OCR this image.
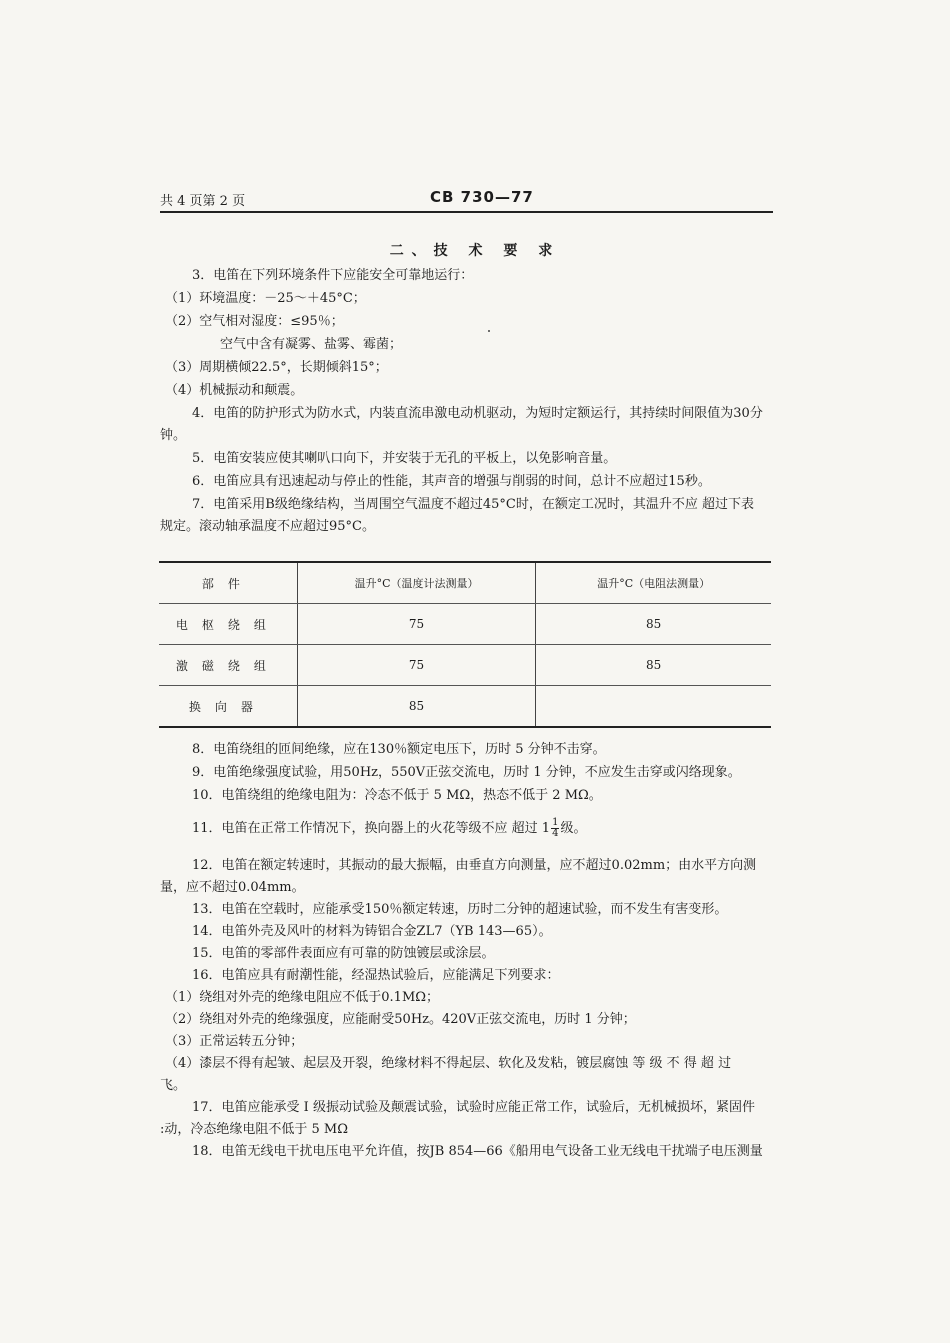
共 4 页第 2 页	CB 730—77
二、技 术 要 求
3．电笛在下列环境条件下应能安全可靠地运行：
（1）环境温度：－25～＋45°C；
（2）空气相对湿度：≤95％；
空气中含有凝雾、盐雾、霉菌；
（3）周期横倾22.5°，长期倾斜15°；
（4）机械振动和颠震。
4．电笛的防护形式为防水式，内装直流串激电动机驱动，为短时定额运行，其持续时间限值为30分
钟。
5．电笛安装应使其喇叭口向下，并安装于无孔的平板上，以免影响音量。
6．电笛应具有迅速起动与停止的性能，其声音的增强与削弱的时间，总计不应超过15秒。
7．电笛采用B级绝缘结构，当周围空气温度不超过45°C时，在额定工况时，其温升不应 超过下表
规定。滚动轴承温度不应超过95°C。
部件	温升°C（温度计法测量）	温升°C（电阻法测量）
电枢绕组	75	85
激磁绕组	75	85
换向器	85	
8．电笛绕组的匝间绝缘，应在130％额定电压下，历时 5 分钟不击穿。
9．电笛绝缘强度试验，用50Hz，550V正弦交流电，历时 1 分钟，不应发生击穿或闪络现象。
10．电笛绕组的绝缘电阻为：冷态不低于 5 MΩ，热态不低于 2 MΩ。
11．电笛在正常工作情况下，换向器上的火花等级不应 超过 $1 \frac{1}{4}$ 级。
12．电笛在额定转速时，其振动的最大振幅，由垂直方向测量，应不超过0.02mm；由水平方向测
量，应不超过0.04mm。
13．电笛在空载时，应能承受150％额定转速，历时二分钟的超速试验，而不发生有害变形。
14．电笛外壳及风叶的材料为铸铝合金ZL7（YB 143—65）。
15．电笛的零部件表面应有可靠的防蚀镀层或涂层。
16．电笛应具有耐潮性能，经湿热试验后，应能满足下列要求：
（1）绕组对外壳的绝缘电阻应不低于0.1MΩ；
（2）绕组对外壳的绝缘强度，应能耐受50Hz。420V正弦交流电，历时 1 分钟；
（3）正常运转五分钟；
（4）漆层不得有起皱、起层及开裂，绝缘材料不得起层、软化及发粘，镀层腐蚀 等 级 不 得 超 过
飞。
17．电笛应能承受 I 级振动试验及颠震试验，试验时应能正常工作，试验后，无机械损坏，紧固件
:动，冷态绝缘电阻不低于 5 MΩ
18．电笛无线电干扰电压电平允许值，按JB 854—66《船用电气设备工业无线电干扰端子电压测量
